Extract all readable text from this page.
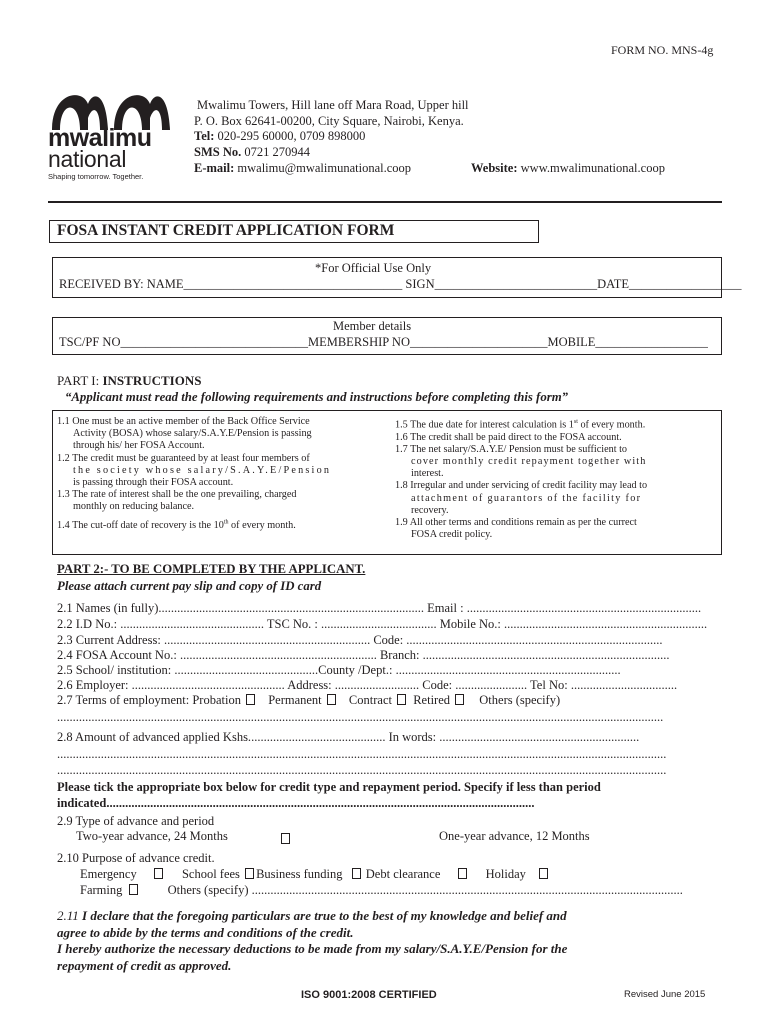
FORM NO. MNS-4g
mwalimu
national
Shaping tomorrow. Together.
Mwalimu Towers, Hill lane off Mara Road, Upper hill
P. O. Box 62641-00200, City Square, Nairobi, Kenya.
Tel: 020-295 60000, 0709 898000
SMS No. 0721 270944
E-mail: mwalimu@mwalimunational.coop	Website: www.mwalimunational.coop
FOSA INSTANT CREDIT APPLICATION FORM
*For Official Use Only
RECEIVED BY: NAME___________________________________ SIGN__________________________DATE__________________
Member details
TSC/PF NO______________________________MEMBERSHIP NO______________________MOBILE__________________
PART I: INSTRUCTIONS
“Applicant must read the following requirements and instructions before completing this form”

1.1 One must be an active member of the Back Office Service
Activity (BOSA) whose salary/S.A.Y.E/Pension is passing
through his/ her FOSA Account.

1.2 The credit must be guaranteed by at least four members of
the society whose salary/S.A.Y.E/Pension
is passing through their FOSA account.

1.3 The rate of interest shall be the one prevailing, charged
monthly on reducing balance.

1.4 The cut-off date of recovery is the 10th of every month.

1.5 The due date for interest calculation is 1st of every month.

1.6 The credit shall be paid direct to the FOSA account.

1.7 The net salary/S.A.Y.E/ Pension must be sufficient to
cover monthly credit repayment together with
interest.

1.8 Irregular and under servicing of credit facility may lead to
attachment of guarantors of the facility for
recovery.

1.9 All other terms and conditions remain as per the currect
FOSA credit policy.

PART 2:- TO BE COMPLETED BY THE APPLICANT.
Please attach current pay slip and copy of ID card
2.1 Names (in fully)..................................................................................... Email : ...........................................................................
2.2 I.D No.: .............................................. TSC No. : ..................................... Mobile No.: .................................................................
2.3 Current Address: .................................................................. Code: ..................................................................................
2.4 FOSA Account No.: ............................................................... Branch: ...............................................................................
2.5 School/ institution: ..............................................County /Dept.: ........................................................................
2.6 Employer: ................................................. Address: ........................... Code: ....................... Tel No: ..................................
2.7 Terms of employment: Probation Permanent Contract Retired Others (specify)
..................................................................................................................................................................................................
2.8 Amount of advanced applied Kshs............................................ In words: ................................................................
...................................................................................................................................................................................................
...................................................................................................................................................................................................
Please tick the appropriate box below for credit type and repayment period. Specify if less than period
indicated.........................................................................................................................................
2.9 Type of advance and period
Two-year advance, 24 Months	One-year advance, 12 Months
2.10 Purpose of advance credit.
Emergency	School fees Business funding Debt clearance	Holiday
Farming	Others (specify) ..........................................................................................................................................
2.11 I declare that the foregoing particulars are true to the best of my knowledge and belief and
agree to abide by the terms and conditions of the credit.
I hereby authorize the necessary deductions to be made from my salary/S.A.Y.E/Pension for the
repayment of credit as approved.
ISO 9001:2008 CERTIFIED	Revised June 2015
